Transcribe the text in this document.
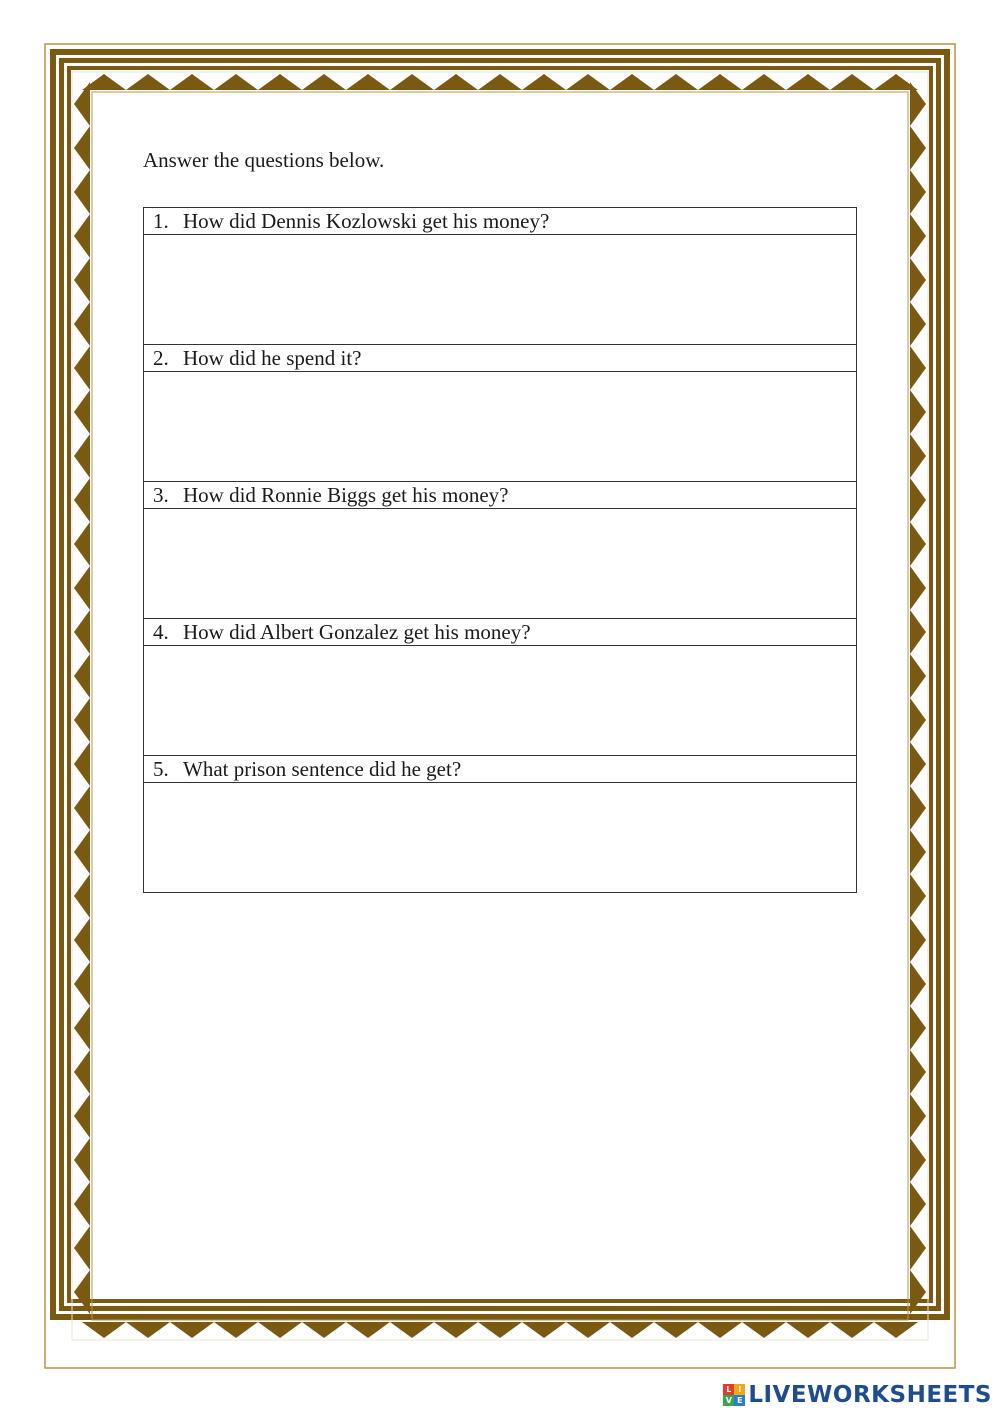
Answer the questions below.

1. How did Dennis Kozlowski get his money?
2. How did he spend it?
3. How did Ronnie Biggs get his money?
4. How did Albert Gonzalez get his money?
5. What prison sentence did he get?
L I
V E LIVEWORKSHEETS
